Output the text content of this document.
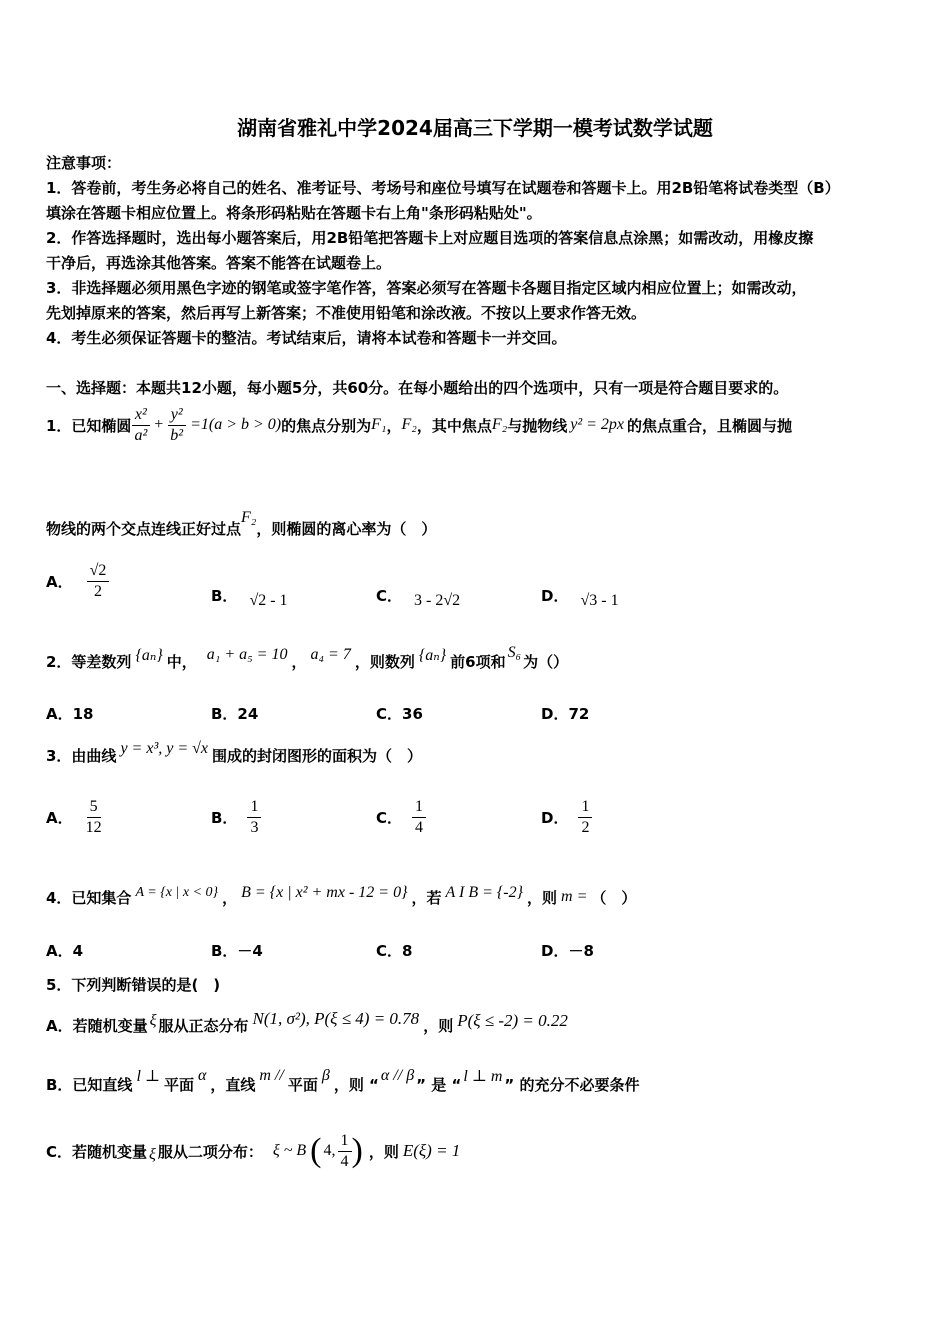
湖南省雅礼中学2024届高三下学期一模考试数学试题
注意事项：
1．答卷前，考生务必将自己的姓名、准考证号、考场号和座位号填写在试题卷和答题卡上。用2B铅笔将试卷类型（B）
填涂在答题卡相应位置上。将条形码粘贴在答题卡右上角"条形码粘贴处"。
2．作答选择题时，选出每小题答案后，用2B铅笔把答题卡上对应题目选项的答案信息点涂黑；如需改动，用橡皮擦
干净后，再选涂其他答案。答案不能答在试题卷上。
3．非选择题必须用黑色字迹的钢笔或签字笔作答，答案必须写在答题卡各题目指定区域内相应位置上；如需改动，
先划掉原来的答案，然后再写上新答案；不准使用铅笔和涂改液。不按以上要求作答无效。
4．考生必须保证答题卡的整洁。考试结束后，请将本试卷和答题卡一并交回。
一、选择题：本题共12小题，每小题5分，共60分。在每小题给出的四个选项中，只有一项是符合题目要求的。
1．已知椭圆 $\frac{\text{x²}}{\text{a²}} + \frac{\text{y²}}{\text{b²}} =1(a > b > 0)$ 的焦点分别为 F₁ ， F₂ ，其中焦点 F₂ 与抛物线 y² = 2px 的焦点重合，且椭圆与抛
物线的两个交点连线正好过点
F₂
，则椭圆的离心率为（　）
A． $\frac{√2}{2}$	B． √2 - 1	C． 3 - 2√2	D． √3 - 1
2．等差数列 {aₙ} 中， a₁ + a₅ = 10 ， a₄ = 7 ，则数列 {aₙ} 前6项和 S₆ 为（）
A．18	B．24	C．36	D．72
3．由曲线 y = x³, y = √x 围成的封闭图形的面积为（　）
A． $\frac{5}{12}$	B． $\frac{1}{3}$	C． $\frac{1}{4}$	D． $\frac{1}{2}$
4．已知集合 A = {x | x < 0} ， B = {x | x² + mx - 12 = 0} ，若 A I B = {-2} ，则 m = （　）
A．4	B．－4	C．8	D．－8
5．下列判断错误的是(　)
A．若随机变量 ξ 服从正态分布 N(1, σ²), P(ξ ≤ 4) = 0.78 ，则 P(ξ ≤ -2) = 0.22
B．已知直线 l ⊥ 平面 α ，直线 m // 平面 β ，则 “ α // β ” 是 “ l ⊥ m ” 的充分不必要条件
C．若随机变量 ξ 服从二项分布： ξ ~ B ( 4, $\frac{1}{4}$ ) ，则 E(ξ) = 1
